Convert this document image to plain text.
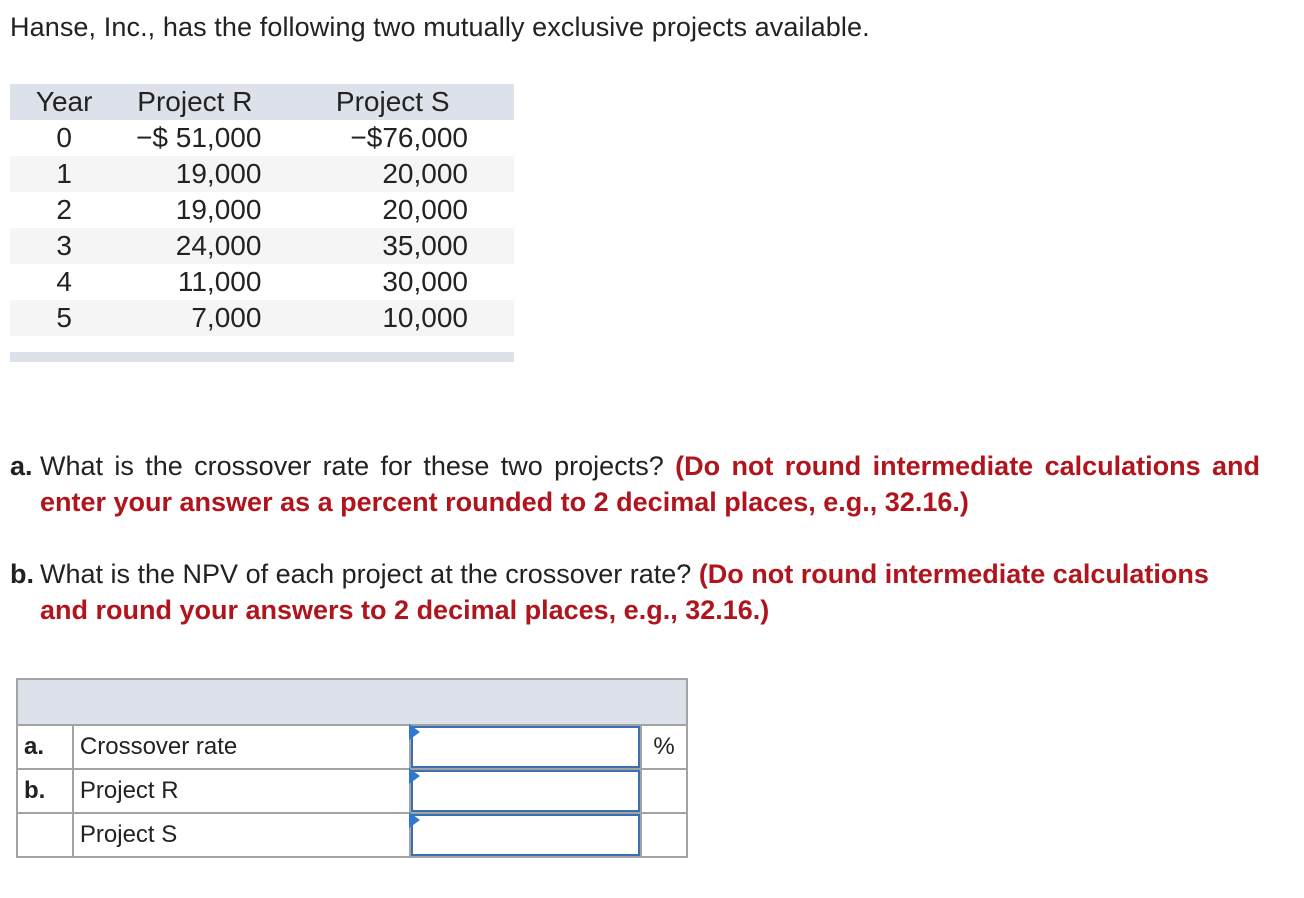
Hanse, Inc., has the following two mutually exclusive projects available.
Year	Project R	Project S
0	−$ 51,000	−$76,000
1	19,000	20,000
2	19,000	20,000
3	24,000	35,000
4	11,000	30,000
5	7,000	10,000
a. What is the crossover rate for these two projects? (Do not round intermediate calculations and enter your answer as a percent rounded to 2 decimal places, e.g., 32.16.)
b. What is the NPV of each project at the crossover rate? (Do not round intermediate calculations and round your answers to 2 decimal places, e.g., 32.16.)

a.	Crossover rate		%
b.	Project R	

	Project S	
